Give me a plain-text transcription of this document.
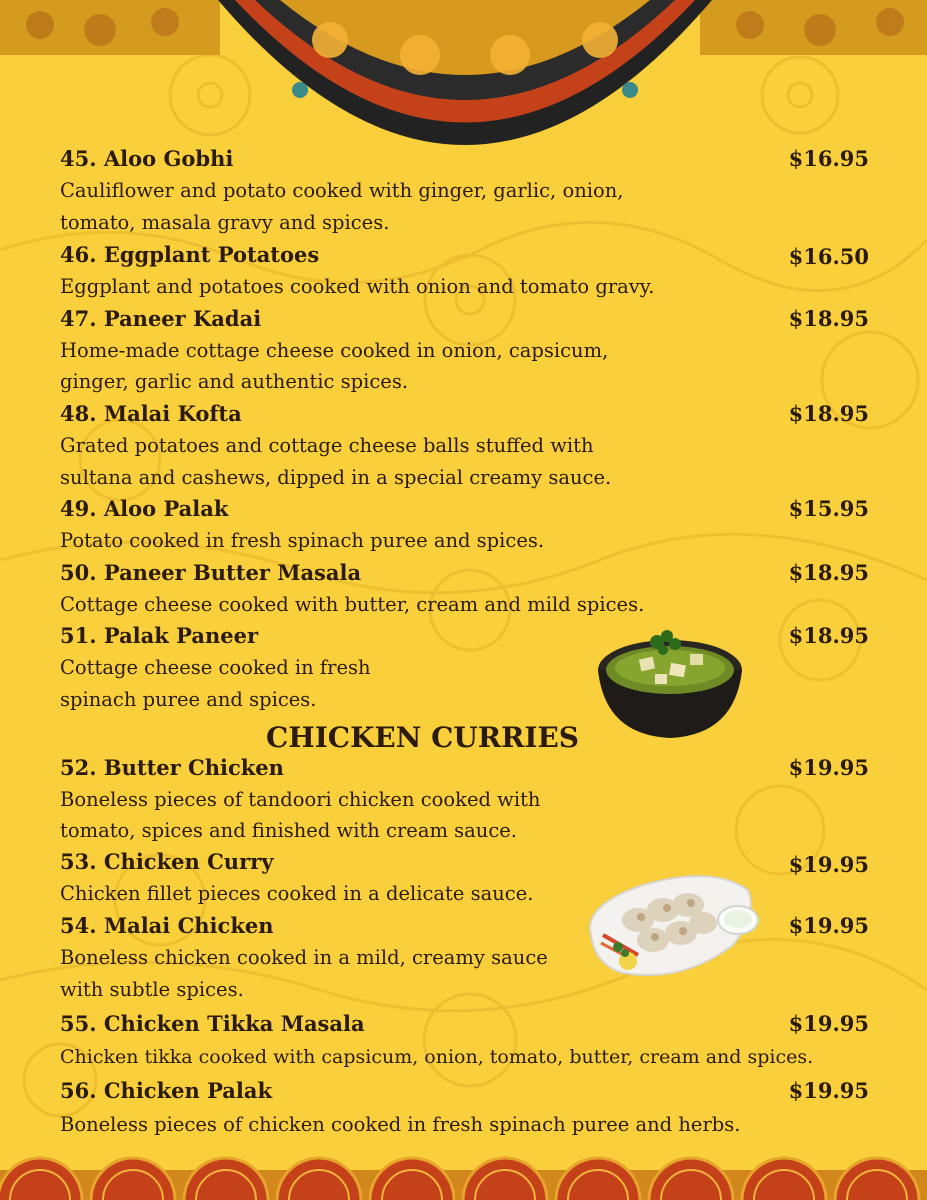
45. Aloo Gobhi	$16.95
Cauliflower and potato cooked with ginger, garlic, onion,
tomato, masala gravy and spices.
46. Eggplant Potatoes	$16.50
Eggplant and potatoes cooked with onion and tomato gravy.
47. Paneer Kadai	$18.95
Home-made cottage cheese cooked in onion, capsicum,
ginger, garlic and authentic spices.
48. Malai Kofta	$18.95
Grated potatoes and cottage cheese balls stuffed with
sultana and cashews, dipped in a special creamy sauce.
49. Aloo Palak	$15.95
Potato cooked in fresh spinach puree and spices.
50. Paneer Butter Masala	$18.95
Cottage cheese cooked with butter, cream and mild spices.
51. Palak Paneer	$18.95
Cottage cheese cooked in fresh
spinach puree and spices.
CHICKEN CURRIES
52. Butter Chicken	$19.95
Boneless pieces of tandoori chicken cooked with
tomato, spices and finished with cream sauce.
53. Chicken Curry	$19.95
Chicken fillet pieces cooked in a delicate sauce.
54. Malai Chicken	$19.95
Boneless chicken cooked in a mild, creamy sauce
with subtle spices.
55. Chicken Tikka Masala	$19.95
Chicken tikka cooked with capsicum, onion, tomato, butter, cream and spices.
56. Chicken Palak	$19.95
Boneless pieces of chicken cooked in fresh spinach puree and herbs.
